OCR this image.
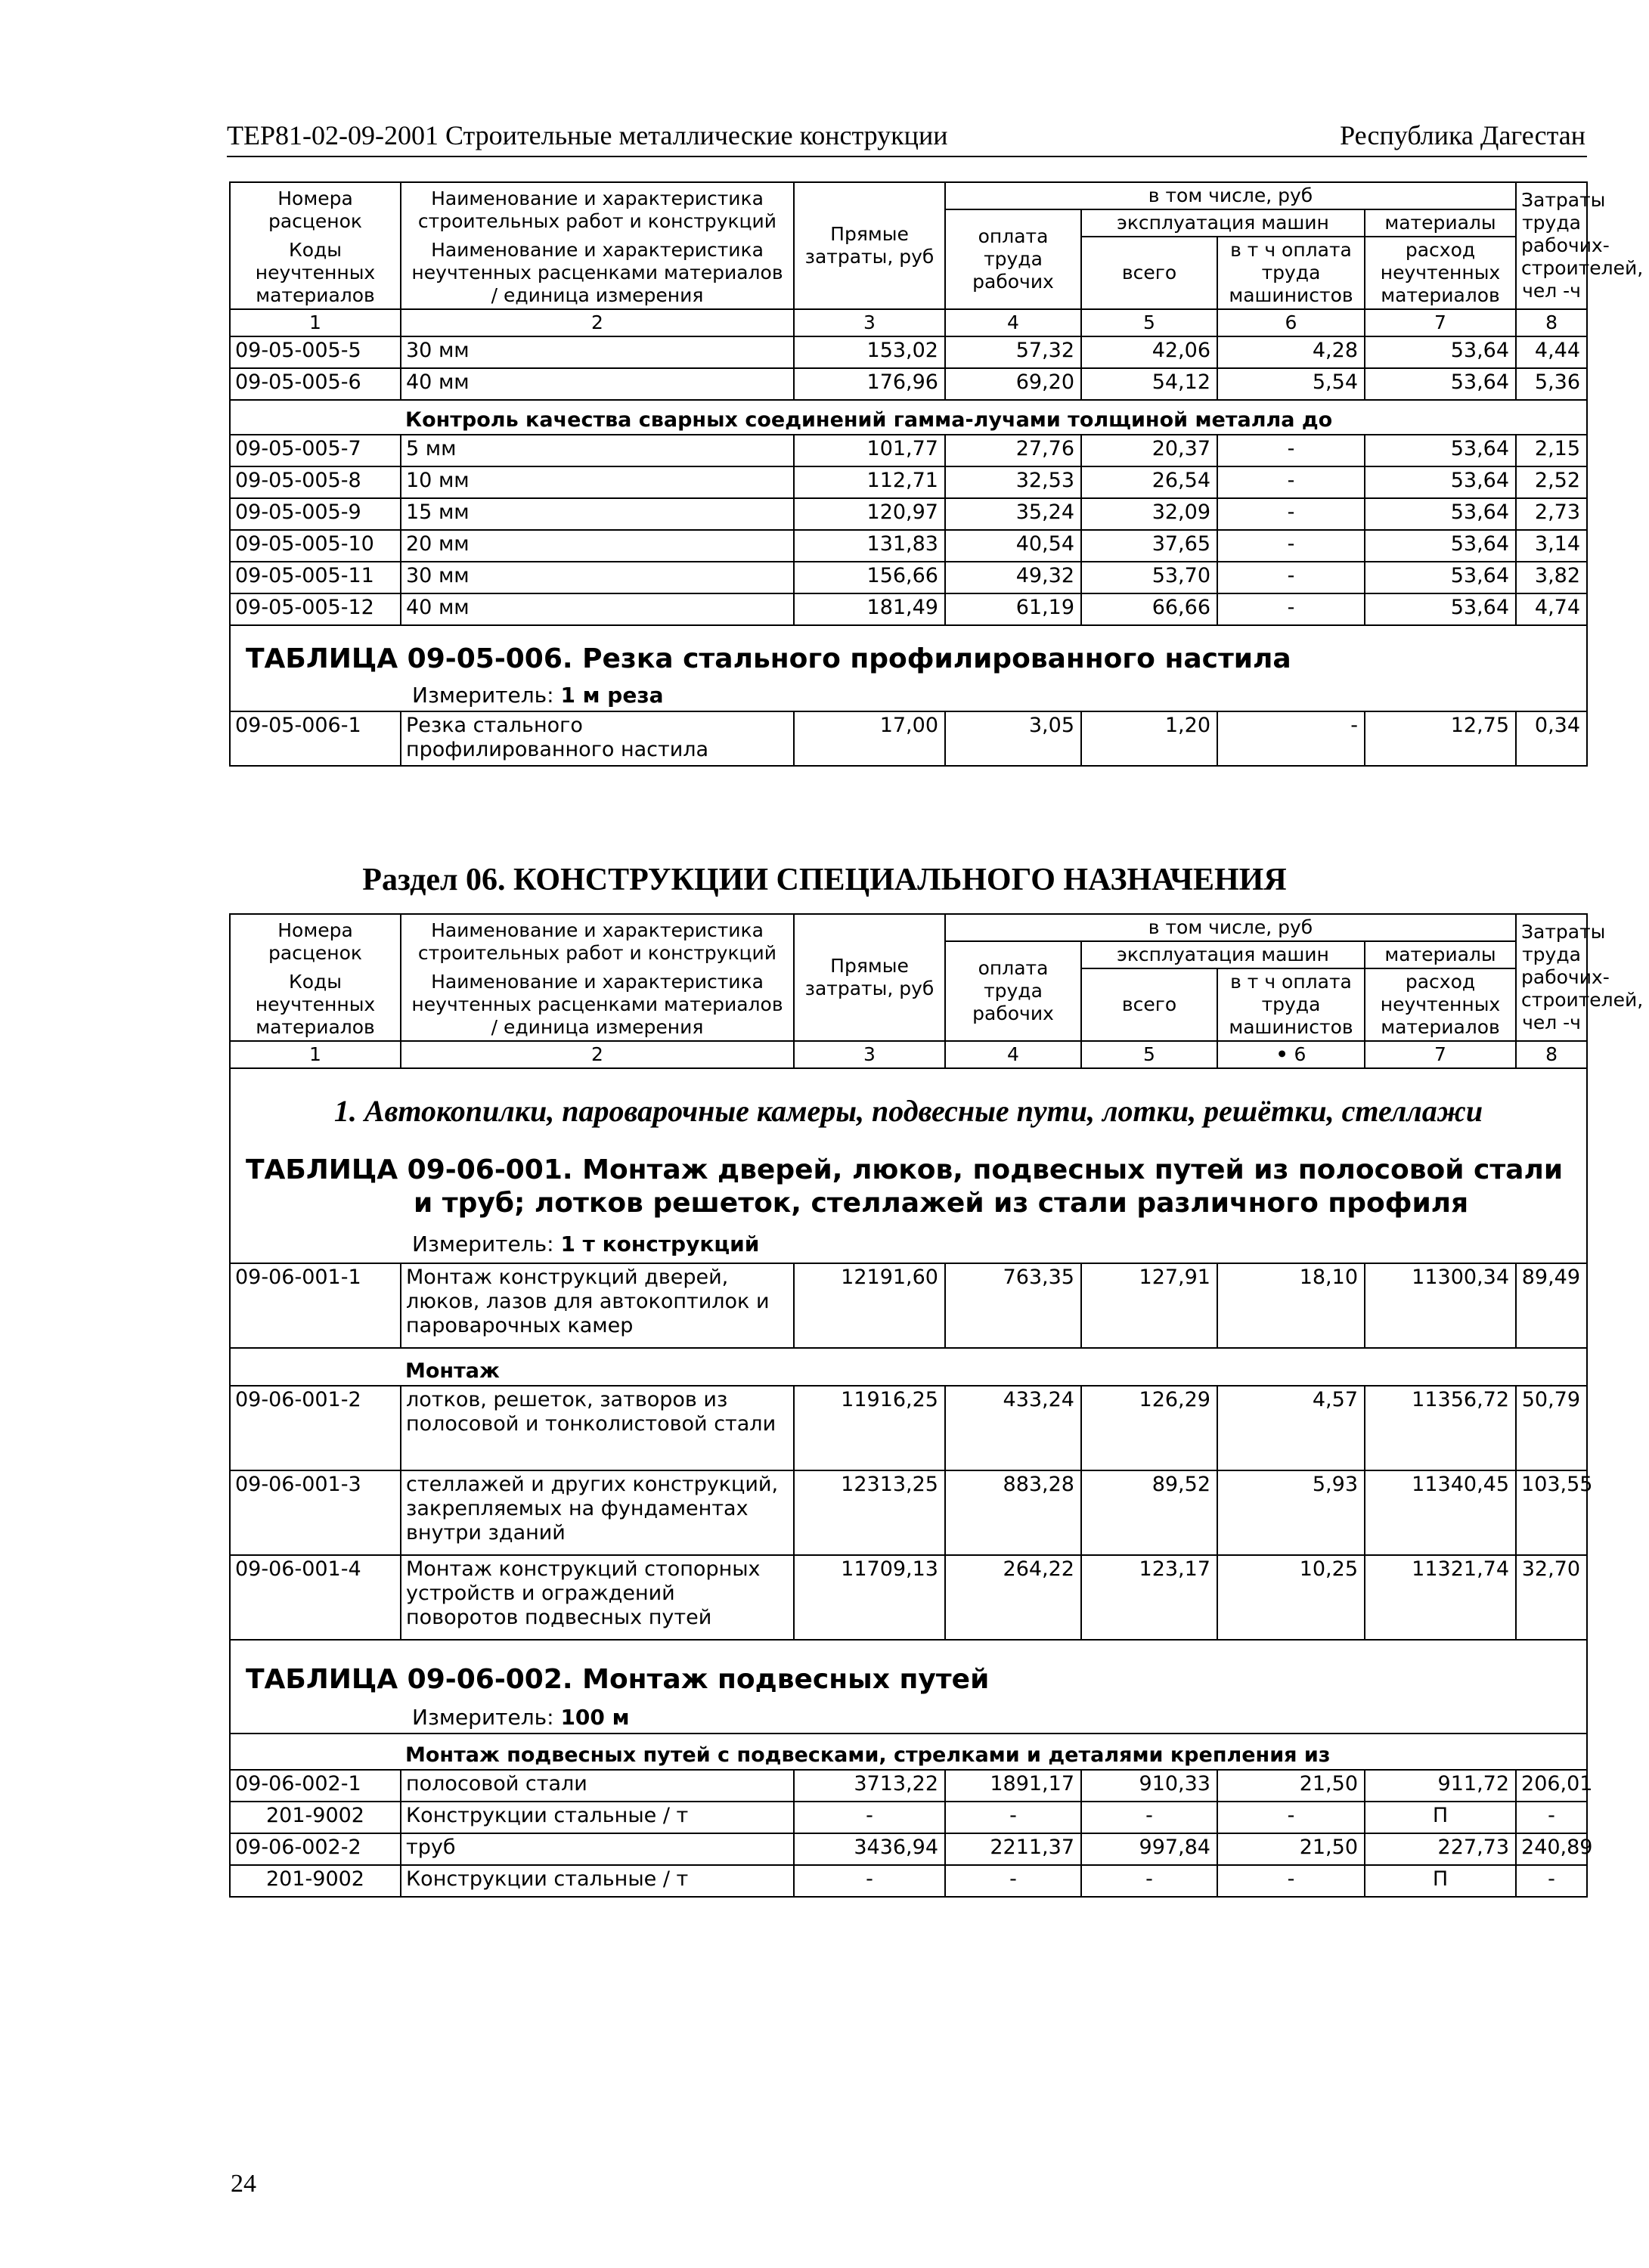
ТЕР81-02-09-2001 Строительные металлические конструкции	Республика Дагестан
Номера расценок	Наименование и характеристика строительных работ и конструкций	Прямые затраты, руб	в том числе, руб				Затраты труда рабочих-строителей, чел -ч
			оплата труда рабочих	эксплуатация машин		материалы	
Коды неучтенных материалов	Наименование и характеристика неучтенных расценками материалов / единица измерения			всего	в т ч оплата труда машинистов	расход неучтенных материалов	

1	2	3	4	5	6	7	8
09-05-005-5	30 мм	153,02	57,32	42,06	4,28	53,64	4,44
09-05-005-6	40 мм	176,96	69,20	54,12	5,54	53,64	5,36
	Контроль качества сварных соединений гамма-лучами толщиной металла до						
09-05-005-7	5 мм	101,77	27,76	20,37	-	53,64	2,15
09-05-005-8	10 мм	112,71	32,53	26,54	-	53,64	2,52
09-05-005-9	15 мм	120,97	35,24	32,09	-	53,64	2,73
09-05-005-10	20 мм	131,83	40,54	37,65	-	53,64	3,14
09-05-005-11	30 мм	156,66	49,32	53,70	-	53,64	3,82
09-05-005-12	40 мм	181,49	61,19	66,66	-	53,64	4,74

ТАБЛИЦА 09-05-006. Резка стального профилированного настила
Измеритель: 1 м реза							

09-05-006-1	Резка стального профилированного настила	17,00	3,05	1,20	-	12,75	0,34
Раздел 06. КОНСТРУКЦИИ СПЕЦИАЛЬНОГО НАЗНАЧЕНИЯ
Номера расценок	Наименование и характеристика строительных работ и конструкций	Прямые затраты, руб	в том числе, руб				Затраты труда рабочих-строителей, чел -ч
			оплата труда рабочих	эксплуатация машин		материалы	
Коды неучтенных материалов	Наименование и характеристика неучтенных расценками материалов / единица измерения			всего	в т ч оплата труда машинистов	расход неучтенных материалов	

1	2	3	4	5	• 6	7	8

1. Автокопилки, пароварочные камеры, подвесные пути, лотки, решётки, стеллажи
ТАБЛИЦА 09-06-001. Монтаж дверей, люков, подвесных путей из полосовой стали и труб; лотков решеток, стеллажей из стали различного профиля
Измеритель: 1 т конструкций							

09-06-001-1	Монтаж конструкций дверей, люков, лазов для автокоптилок и пароварочных камер	12191,60	763,35	127,91	18,10	11300,34	89,49
	Монтаж						
09-06-001-2	лотков, решеток, затворов из полосовой и тонколистовой стали	11916,25	433,24	126,29	4,57	11356,72	50,79
09-06-001-3	стеллажей и других конструкций, закрепляемых на фундаментах внутри зданий	12313,25	883,28	89,52	5,93	11340,45	103,55
09-06-001-4	Монтаж конструкций стопорных устройств и ограждений поворотов подвесных путей	11709,13	264,22	123,17	10,25	11321,74	32,70

ТАБЛИЦА 09-06-002. Монтаж подвесных путей
Измеритель: 100 м							

	Монтаж подвесных путей с подвесками, стрелками и деталями крепления из						
09-06-002-1	полосовой стали	3713,22	1891,17	910,33	21,50	911,72	206,01
201-9002	Конструкции стальные / т	-	-	-	-	П	-
09-06-002-2	труб	3436,94	2211,37	997,84	21,50	227,73	240,89
201-9002	Конструкции стальные / т	-	-	-	-	П	-
24
